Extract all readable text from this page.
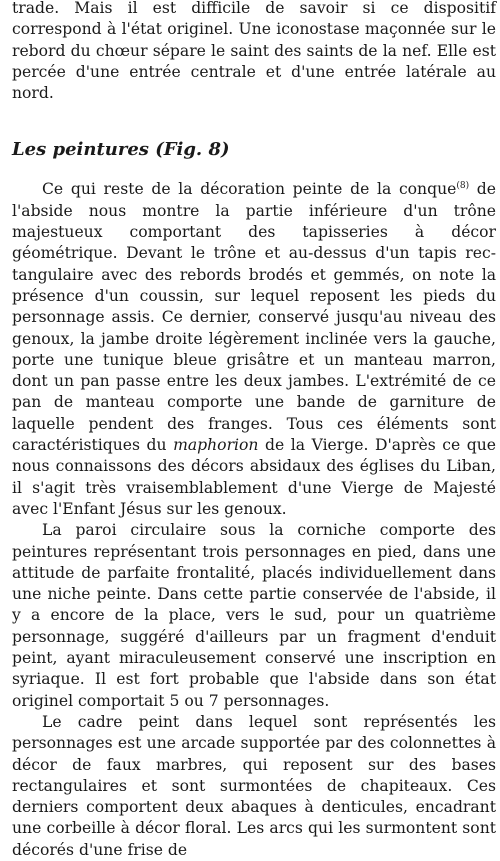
trade. Mais il est difficile de savoir si ce dispositif correspond à l'état originel. Une iconostase maçonnée sur le rebord du chœur sépare le saint des saints de la nef. Elle est percée d'une entrée centrale et d'une entrée latérale au nord.

Les peintures (Fig. 8)

Ce qui reste de la décoration peinte de la conque$^{(8)}$ de l'abside nous montre la partie inférieure d'un trône majestueux comportant des tapisseries à décor géométrique. Devant le trône et au-dessus d'un tapis rectangulaire avec des rebords brodés et gemmés, on note la présence d'un coussin, sur lequel reposent les pieds du personnage assis. Ce dernier, conservé jusqu'au niveau des genoux, la jambe droite légèrement inclinée vers la gauche, porte une tunique bleue grisâtre et un manteau marron, dont un pan passe entre les deux jambes. L'extrémité de ce pan de manteau comporte une bande de garniture de laquelle pendent des franges. Tous ces éléments sont caractéristiques du maphorion de la Vierge. D'après ce que nous connaissons des décors absidaux des églises du Liban, il s'agit très vraisemblablement d'une Vierge de Majesté avec l'Enfant Jésus sur les genoux.

La paroi circulaire sous la corniche comporte des peintures représentant trois personnages en pied, dans une attitude de parfaite frontalité, placés individuellement dans une niche peinte. Dans cette partie conservée de l'abside, il y a encore de la place, vers le sud, pour un quatrième personnage, suggéré d'ailleurs par un fragment d'enduit peint, ayant miraculeusement conservé une inscription en syriaque. Il est fort probable que l'abside dans son état originel comportait 5 ou 7 personnages.

Le cadre peint dans lequel sont représentés les personnages est une arcade supportée par des colonnettes à décor de faux marbres, qui reposent sur des bases rectangulaires et sont surmontées de chapiteaux. Ces derniers comportent deux abaques à denticules, encadrant une corbeille à décor floral. Les arcs qui les surmontent sont décorés d'une frise de
